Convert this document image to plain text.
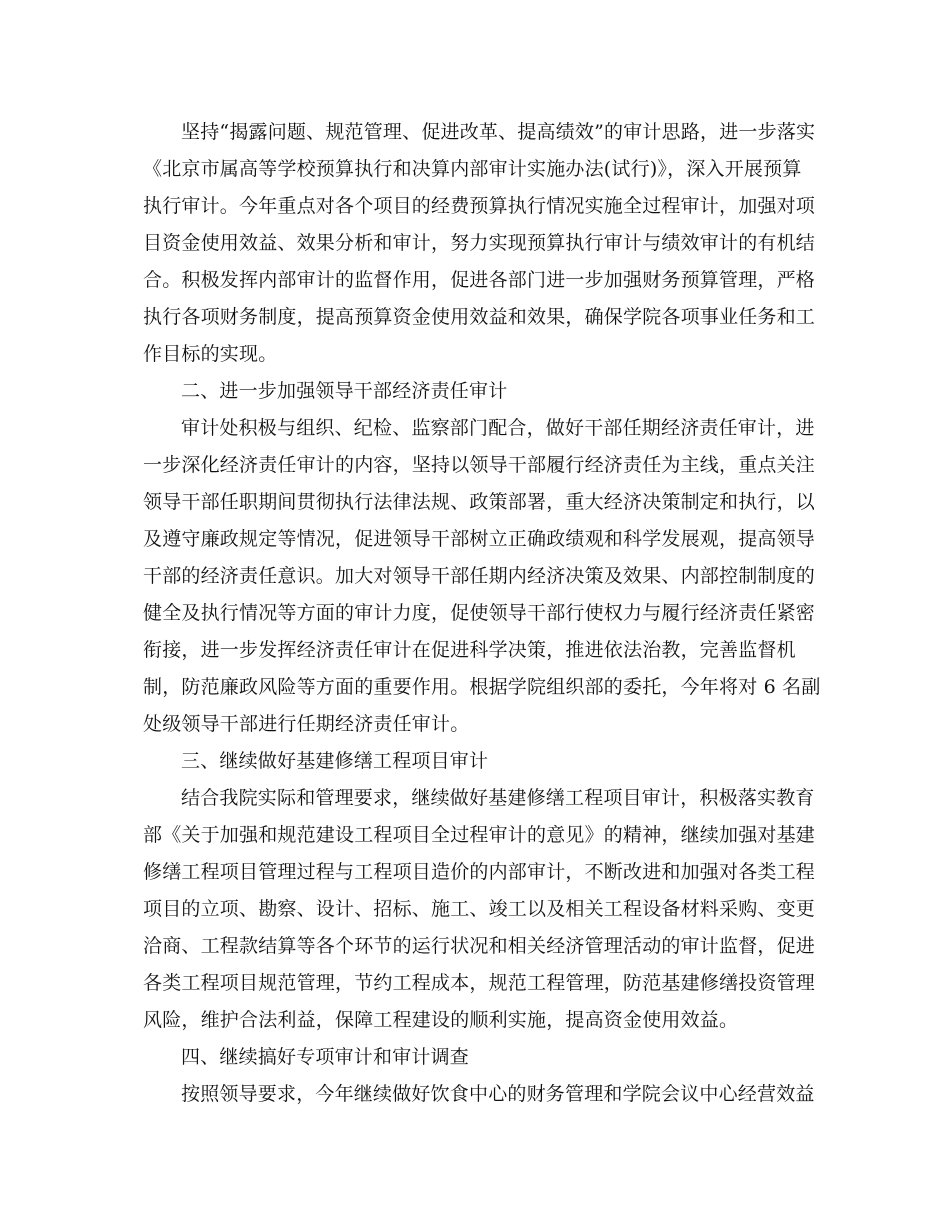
坚持“揭露问题、规范管理、促进改革、提高绩效”的审计思路，进一步落实
《北京市属高等学校预算执行和决算内部审计实施办法(试行)》，深入开展预算
执行审计。今年重点对各个项目的经费预算执行情况实施全过程审计，加强对项
目资金使用效益、效果分析和审计，努力实现预算执行审计与绩效审计的有机结
合。积极发挥内部审计的监督作用，促进各部门进一步加强财务预算管理，严格
执行各项财务制度，提高预算资金使用效益和效果，确保学院各项事业任务和工
作目标的实现。
二、进一步加强领导干部经济责任审计
审计处积极与组织、纪检、监察部门配合，做好干部任期经济责任审计，进
一步深化经济责任审计的内容，坚持以领导干部履行经济责任为主线，重点关注
领导干部任职期间贯彻执行法律法规、政策部署，重大经济决策制定和执行，以
及遵守廉政规定等情况，促进领导干部树立正确政绩观和科学发展观，提高领导
干部的经济责任意识。加大对领导干部任期内经济决策及效果、内部控制制度的
健全及执行情况等方面的审计力度，促使领导干部行使权力与履行经济责任紧密
衔接，进一步发挥经济责任审计在促进科学决策，推进依法治教，完善监督机
制，防范廉政风险等方面的重要作用。根据学院组织部的委托，今年将对 6 名副
处级领导干部进行任期经济责任审计。
三、继续做好基建修缮工程项目审计
结合我院实际和管理要求，继续做好基建修缮工程项目审计，积极落实教育
部《关于加强和规范建设工程项目全过程审计的意见》的精神，继续加强对基建
修缮工程项目管理过程与工程项目造价的内部审计，不断改进和加强对各类工程
项目的立项、勘察、设计、招标、施工、竣工以及相关工程设备材料采购、变更
洽商、工程款结算等各个环节的运行状况和相关经济管理活动的审计监督，促进
各类工程项目规范管理，节约工程成本，规范工程管理，防范基建修缮投资管理
风险，维护合法利益，保障工程建设的顺利实施，提高资金使用效益。
四、继续搞好专项审计和审计调查
按照领导要求，今年继续做好饮食中心的财务管理和学院会议中心经营效益
